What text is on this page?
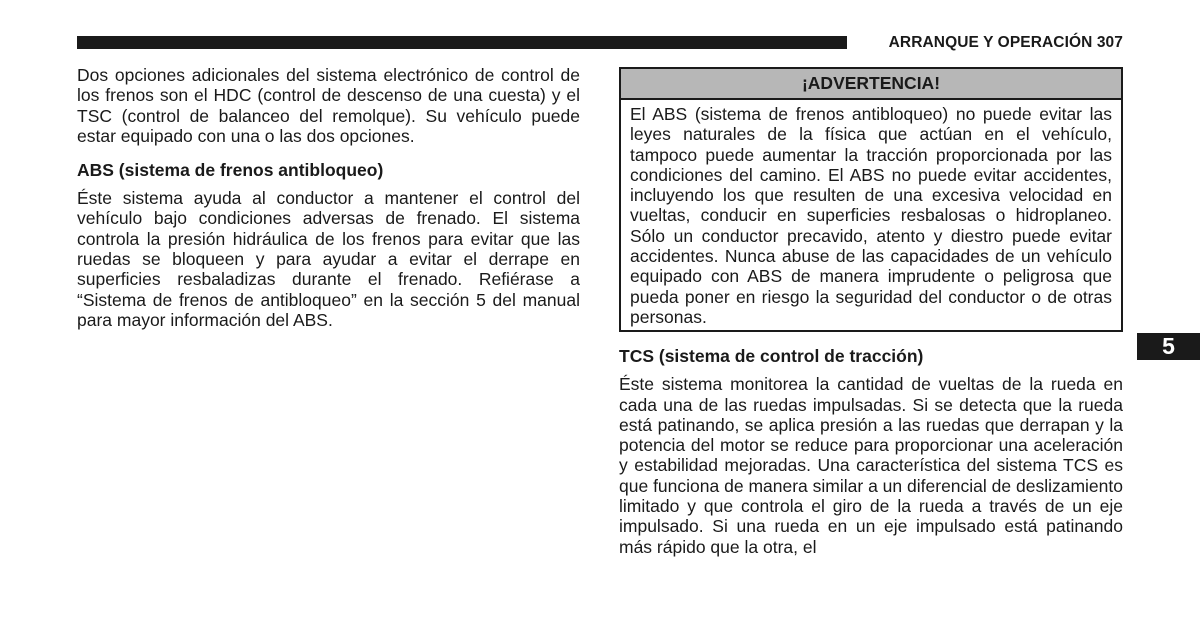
ARRANQUE Y OPERACIÓN 307

Dos opciones adicionales del sistema electrónico de control de los frenos son el HDC (control de descenso de una cuesta) y el TSC (control de balanceo del remolque). Su vehículo puede estar equipado con una o las dos opciones.

ABS (sistema de frenos antibloqueo)

Éste sistema ayuda al conductor a mantener el control del vehículo bajo condiciones adversas de frenado. El sistema controla la presión hidráulica de los frenos para evitar que las ruedas se bloqueen y para ayudar a evitar el derrape en superficies resbaladizas durante el frenado. Refiérase a “Sistema de frenos de antibloqueo” en la sección 5 del manual para mayor información del ABS.

¡ADVERTENCIA!

El ABS (sistema de frenos antibloqueo) no puede evitar las leyes naturales de la física que actúan en el vehículo, tampoco puede aumentar la tracción proporcionada por las condiciones del camino. El ABS no puede evitar accidentes, incluyendo los que resulten de una excesiva velocidad en vueltas, conducir en superficies resbalosas o hidroplaneo. Sólo un conductor precavido, atento y diestro puede evitar accidentes. Nunca abuse de las capacidades de un vehículo equipado con ABS de manera imprudente o peligrosa que pueda poner en riesgo la seguridad del conductor o de otras personas.

TCS (sistema de control de tracción)

Éste sistema monitorea la cantidad de vueltas de la rueda en cada una de las ruedas impulsadas. Si se detecta que la rueda está patinando, se aplica presión a las ruedas que derrapan y la potencia del motor se reduce para proporcionar una aceleración y estabilidad mejoradas. Una característica del sistema TCS es que funciona de manera similar a un diferencial de deslizamiento limitado y que controla el giro de la rueda a través de un eje impulsado. Si una rueda en un eje impulsado está patinando más rápido que la otra, el

5
